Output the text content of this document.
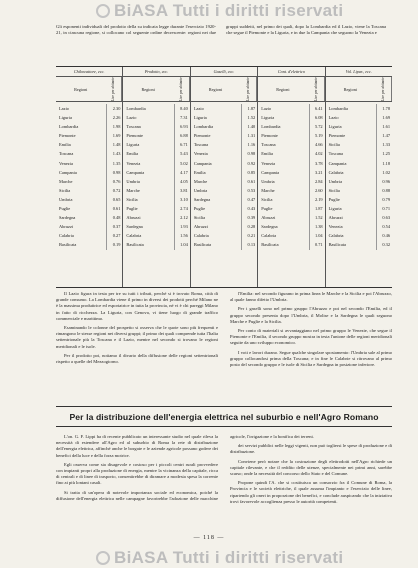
BiASA Tutti i diritti riservati
Gli esponenti individuali del prodotto della su indicata legge durante l'esercizio 1920-21, in ciascuna regione, si collocano col seguente ordine decrescente: regioni nei due gruppi suddetti, nel primo dei quali, dopo la Lombardia ed il Lazio, viene la Toscana che segue il Piemonte e la Liguria, e in due la Campania che seguono la Venezia e
Chilowattore, ecc.
Regioni	Lire per abitante
Lazio	2.30
Liguria	2.26
Lombardia	1.98
Piemonte	1.69
Emilia	1.48
Toscana	1.43
Venezia	1.35
Campania	0.98
Marche	0.76
Sicilia	0.72
Umbria	0.65
Puglie	0.61
Sardegna	0.48
Abruzzi	0.37
Calabria	0.27
Basilicata	0.19
Prodotto, ecc.
Regioni	Lire per abitante
Lombardia	8.40
Lazio	7.31
Toscana	6.93
Piemonte	6.88
Liguria	6.71
Emilia	5.43
Venezia	5.02
Campania	4.17
Umbria	4.05
Marche	3.81
Sicilia	3.10
Puglie	2.74
Abruzzi	2.12
Sardegna	1.93
Calabria	1.56
Basilicata	1.04
Gaselli, ecc.
Regioni	Lire per abitante
Lazio	1.87
Liguria	1.52
Lombardia	1.40
Piemonte	1.31
Toscana	1.16
Venezia	0.98
Campania	0.92
Emilia	0.85
Marche	0.61
Umbria	0.53
Sardegna	0.47
Puglie	0.43
Sicilia	0.39
Abruzzi	0.28
Calabria	0.21
Basilicata	0.13
Cont. d'elettrico
Regioni	Lire per abitante
Lazio	6.41
Liguria	6.08
Lombardia	5.72
Piemonte	5.19
Toscana	4.66
Emilia	4.02
Venezia	3.78
Campania	3.21
Umbria	2.84
Marche	2.60
Sicilia	2.19
Puglie	1.87
Abruzzi	1.52
Sardegna	1.38
Calabria	1.04
Basilicata	0.71
Vol. Lipar., ecc.
Regioni	Lire per abitante
Lombardia	1.78
Lazio	1.69
Liguria	1.61
Piemonte	1.47
Sicilia	1.33
Toscana	1.25
Campania	1.18
Calabria	1.02
Umbria	0.96
Sicilia	0.88
Puglie	0.79
Liguria	0.71
Abruzzi	0.63
Venezia	0.54
Calabria	0.46
Basilicata	0.32

Il Lazio figura in testa per tre su tutti i tributi, perché si è trovato Roma, città di grande consumo. La Lombardia viene il primo in diversi dei prodotti perché Milano ne è la massima produttrice ed esportatrice in tutta la provincia, né vi è chi pareggi Milano in fatto di ricchezza. La Liguria, con Genova, vi tiene luogo di grande traffico commerciale e marittimo.

Esaminando le colonne del prospetto si osserva che le quote sono più frequenti e rimangono le stesse regioni nei diversi gruppi; il primo dei quali comprende tutta l'Italia settentrionale più la Toscana e il Lazio, mentre nel secondo si trovano le regioni meridionali e le isole.

Per il prodotto poi, notiamo il divario della diffusione delle regioni settentrionali rispetto a quelle del Mezzogiorno.

l'Emilia: nel secondo figurano in prima linea le Marche e la Sicilia e poi l'Abruzzo, al quale fanno difetto l'Umbria.

Per i gaselli sono nel primo gruppo l'Abruzzo e poi nel secondo l'Emilia, ed il gruppo secondo presenta dopo l'Umbria, il Molise e la Sardegna le quali seguono Marche e Puglie e la Sicilia.

Per conto di materiali si avvantaggiano nel primo gruppo le Venezie, che segue il Piemonte e l'Emilia, il secondo gruppo mostra in testa l'unione delle regioni meridionali seguite da uno sviluppo economico.

I voti e lavori durano. Segue qualche singolare spostamento: l'Umbria sale al primo gruppo collocandosi prima della Toscana; e in fine le Calabrie si ritrovano al primo posto del secondo gruppo e le isole di Sicilia e Sardegna in posizione inferiore.

Per la distribuzione dell'energia elettrica nel suburbio e nell'Agro Romano

L'on. G. F. Lippi ha di recente pubblicato un interessante studio nel quale rileva la necessità di estendere all'Agro ed al suburbio di Roma la rete di distribuzione dell'energia elettrica, affinché anche le borgate e le aziende agricole possano godere dei benefici della luce e della forza motrice.

Egli osserva come sia disagevole e costoso per i piccoli centri rurali provvedere con impianti propri alla produzione di energia, mentre la vicinanza della capitale, ricca di centrali e di linee di trasporto, consentirebbe di diramare a modesta spesa la corrente fino ai più lontani casali.

Si tratta di un'opera di notevole importanza sociale ed economica, poiché la diffusione dell'energia elettrica nelle campagne favorirebbe l'adozione delle macchine agricole, l'irrigazione e la bonifica dei terreni.

dei servizi pubblici nelle leggi vigenti, non può togliersi le spese di produzione e di distribuzione.

Conviene però notare che la costruzione degli elettrodotti nell'Agro richiede un capitale rilevante, e che il reddito delle utenze, specialmente nei primi anni, sarebbe scarso; onde la necessità del concorso dello Stato e del Comune.

Propone quindi l'A. che si costituisca un consorzio fra il Comune di Roma, la Provincia e le società elettriche, il quale assuma l'impianto e l'esercizio delle linee, ripartendo gli oneri in proporzione dei benefici, e conclude auspicando che la iniziativa trovi favorevole accoglienza presso le autorità competenti.

— 118 —
BiASA Tutti i diritti riservati
